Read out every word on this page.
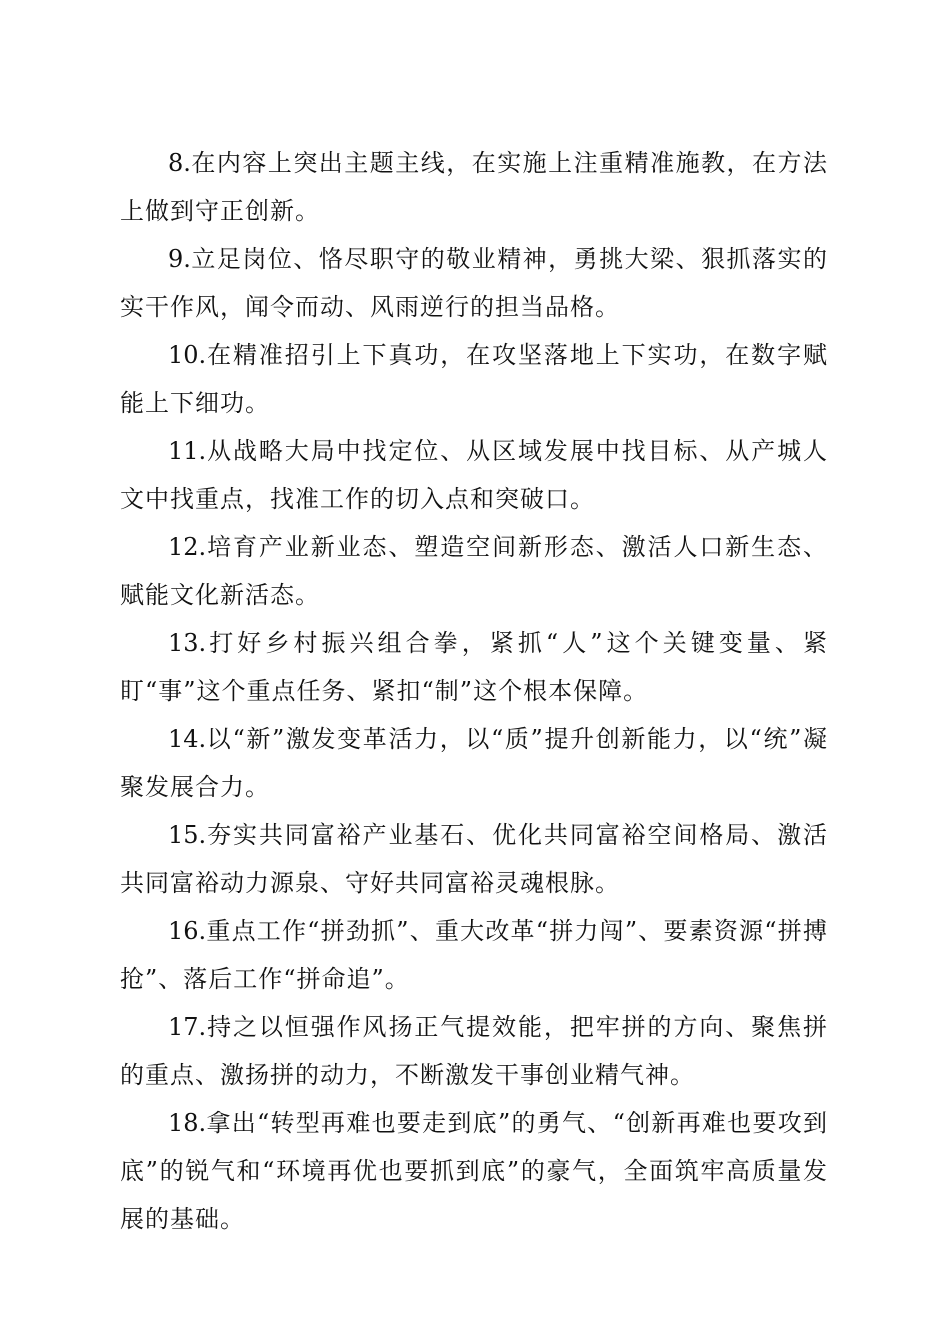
8.在内容上突出主题主线，在实施上注重精准施教，在方法上做到守正创新。

9.立足岗位、恪尽职守的敬业精神，勇挑大梁、狠抓落实的实干作风，闻令而动、风雨逆行的担当品格。

10.在精准招引上下真功，在攻坚落地上下实功，在数字赋能上下细功。

11.从战略大局中找定位、从区域发展中找目标、从产城人文中找重点，找准工作的切入点和突破口。

12.培育产业新业态、塑造空间新形态、激活人口新生态、赋能文化新活态。

13.打好乡村振兴组合拳，紧抓“人”这个关键变量、紧盯“事”这个重点任务、紧扣“制”这个根本保障。

14.以“新”激发变革活力，以“质”提升创新能力，以“统”凝聚发展合力。

15.夯实共同富裕产业基石、优化共同富裕空间格局、激活共同富裕动力源泉、守好共同富裕灵魂根脉。

16.重点工作“拼劲抓”、重大改革“拼力闯”、要素资源“拼搏抢”、落后工作“拼命追”。

17.持之以恒强作风扬正气提效能，把牢拼的方向、聚焦拼的重点、激扬拼的动力，不断激发干事创业精气神。

18.拿出“转型再难也要走到底”的勇气、“创新再难也要攻到底”的锐气和“环境再优也要抓到底”的豪气，全面筑牢高质量发展的基础。
